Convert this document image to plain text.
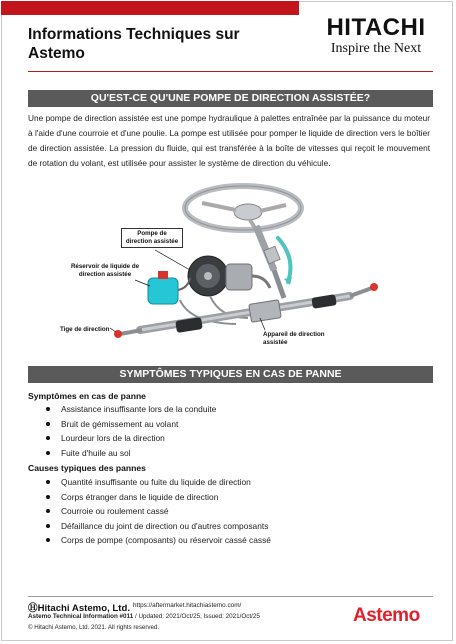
Informations Techniques sur Astemo
HITACHI
Inspire the Next
QU'EST-CE QU'UNE POMPE DE DIRECTION ASSISTÉE?
Une pompe de direction assistée est une pompe hydraulique à palettes entraînée par la puissance du moteur à l'aide d'une courroie et d'une poulie. La pompe est utilisée pour pomper le liquide de direction vers le boîtier de direction assistée. La pression du fluide, qui est transférée à la boîte de vitesses qui reçoit le mouvement de rotation du volant, est utilisée pour assister le système de direction du véhicule.
Pompe de direction assistée
Réservoir de liquide de direction assistée
Tige de direction
Appareil de direction assistée
SYMPTÔMES TYPIQUES EN CAS DE PANNE
Symptômes en cas de panne
Assistance insuffisante lors de la conduite
Bruit de gémissement au volant
Lourdeur lors de la direction
Fuite d'huile au sol
Causes typiques des pannes
Quantité insuffisante ou fuite du liquide de direction
Corps étranger dans le liquide de direction
Courroie ou roulement cassé
Défaillance du joint de direction ou d'autres composants
Corps de pompe (composants) ou réservoir cassé cassé
ⒽHitachi Astemo, Ltd. https://aftermarket.hitachiastemo.com/
Astemo Technical Information #011 / Updated: 2021/Oct/25, Issued: 2021/Oct/25
© Hitachi Astemo, Ltd. 2021. All rights reserved.
Astemo
